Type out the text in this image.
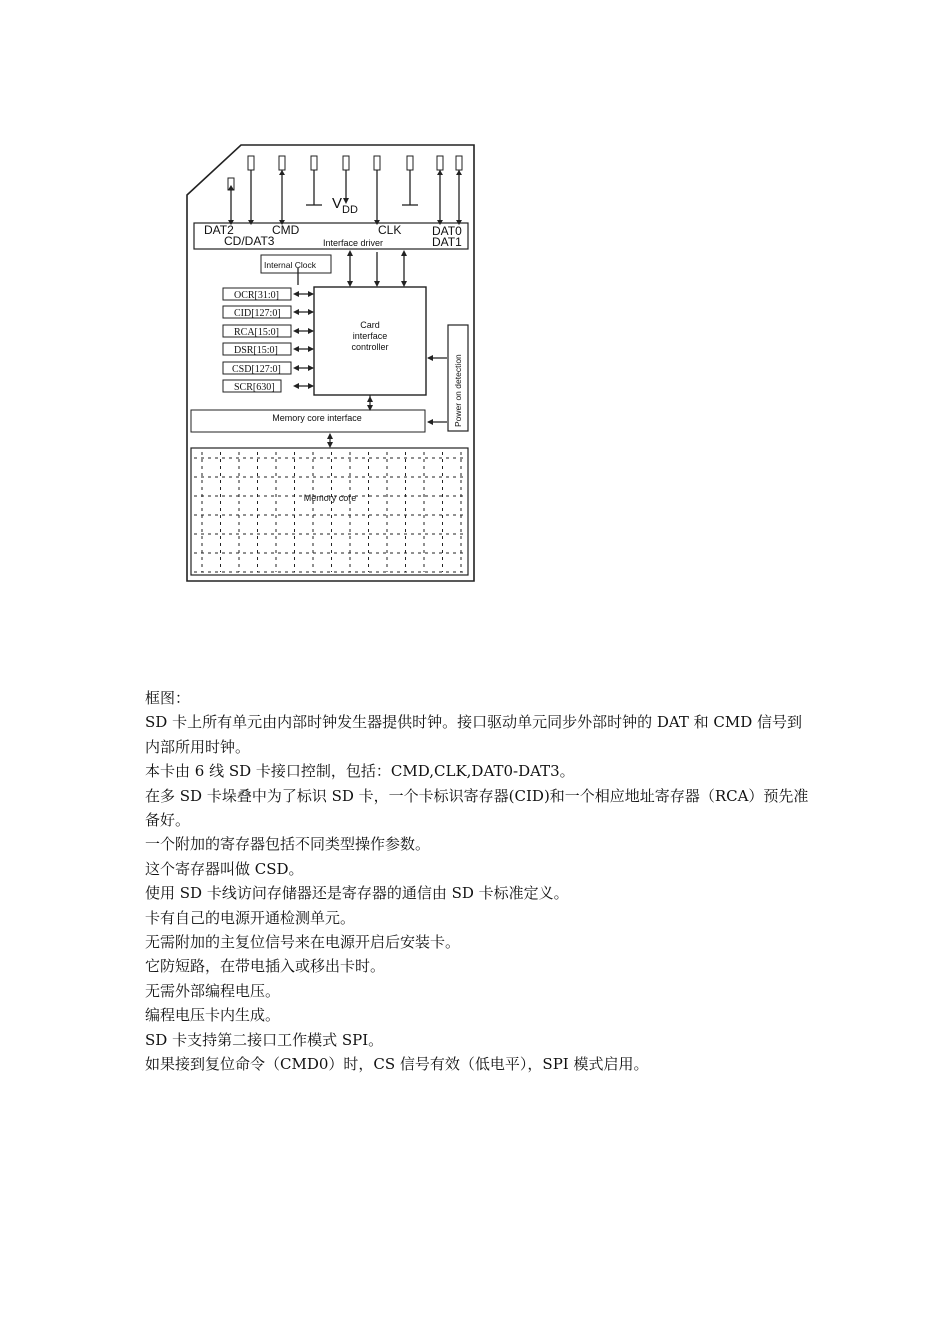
V DD
DAT2	CMD	CLK	DAT0
CD/DAT3	DAT1
Interface driver
Internal Clock
Card
interface
controller
OCR[31:0]
CID[127:0]
RCA[15:0]
DSR[15:0]
CSD[127:0]
SCR[630]	Power on detection
Memory core interface
Memory core

框图：

SD 卡上所有单元由内部时钟发生器提供时钟。接口驱动单元同步外部时钟的 DAT 和 CMD 信号到内部所用时钟。

本卡由 6 线 SD 卡接口控制，包括：CMD,CLK,DAT0-DAT3。

在多 SD 卡垛叠中为了标识 SD 卡，一个卡标识寄存器(CID)和一个相应地址寄存器（RCA）预先准备好。

一个附加的寄存器包括不同类型操作参数。

这个寄存器叫做 CSD。

使用 SD 卡线访问存储器还是寄存器的通信由 SD 卡标准定义。

卡有自己的电源开通检测单元。

无需附加的主复位信号来在电源开启后安装卡。

它防短路，在带电插入或移出卡时。

无需外部编程电压。

编程电压卡内生成。

SD 卡支持第二接口工作模式 SPI。

如果接到复位命令（CMD0）时，CS 信号有效（低电平），SPI 模式启用。
